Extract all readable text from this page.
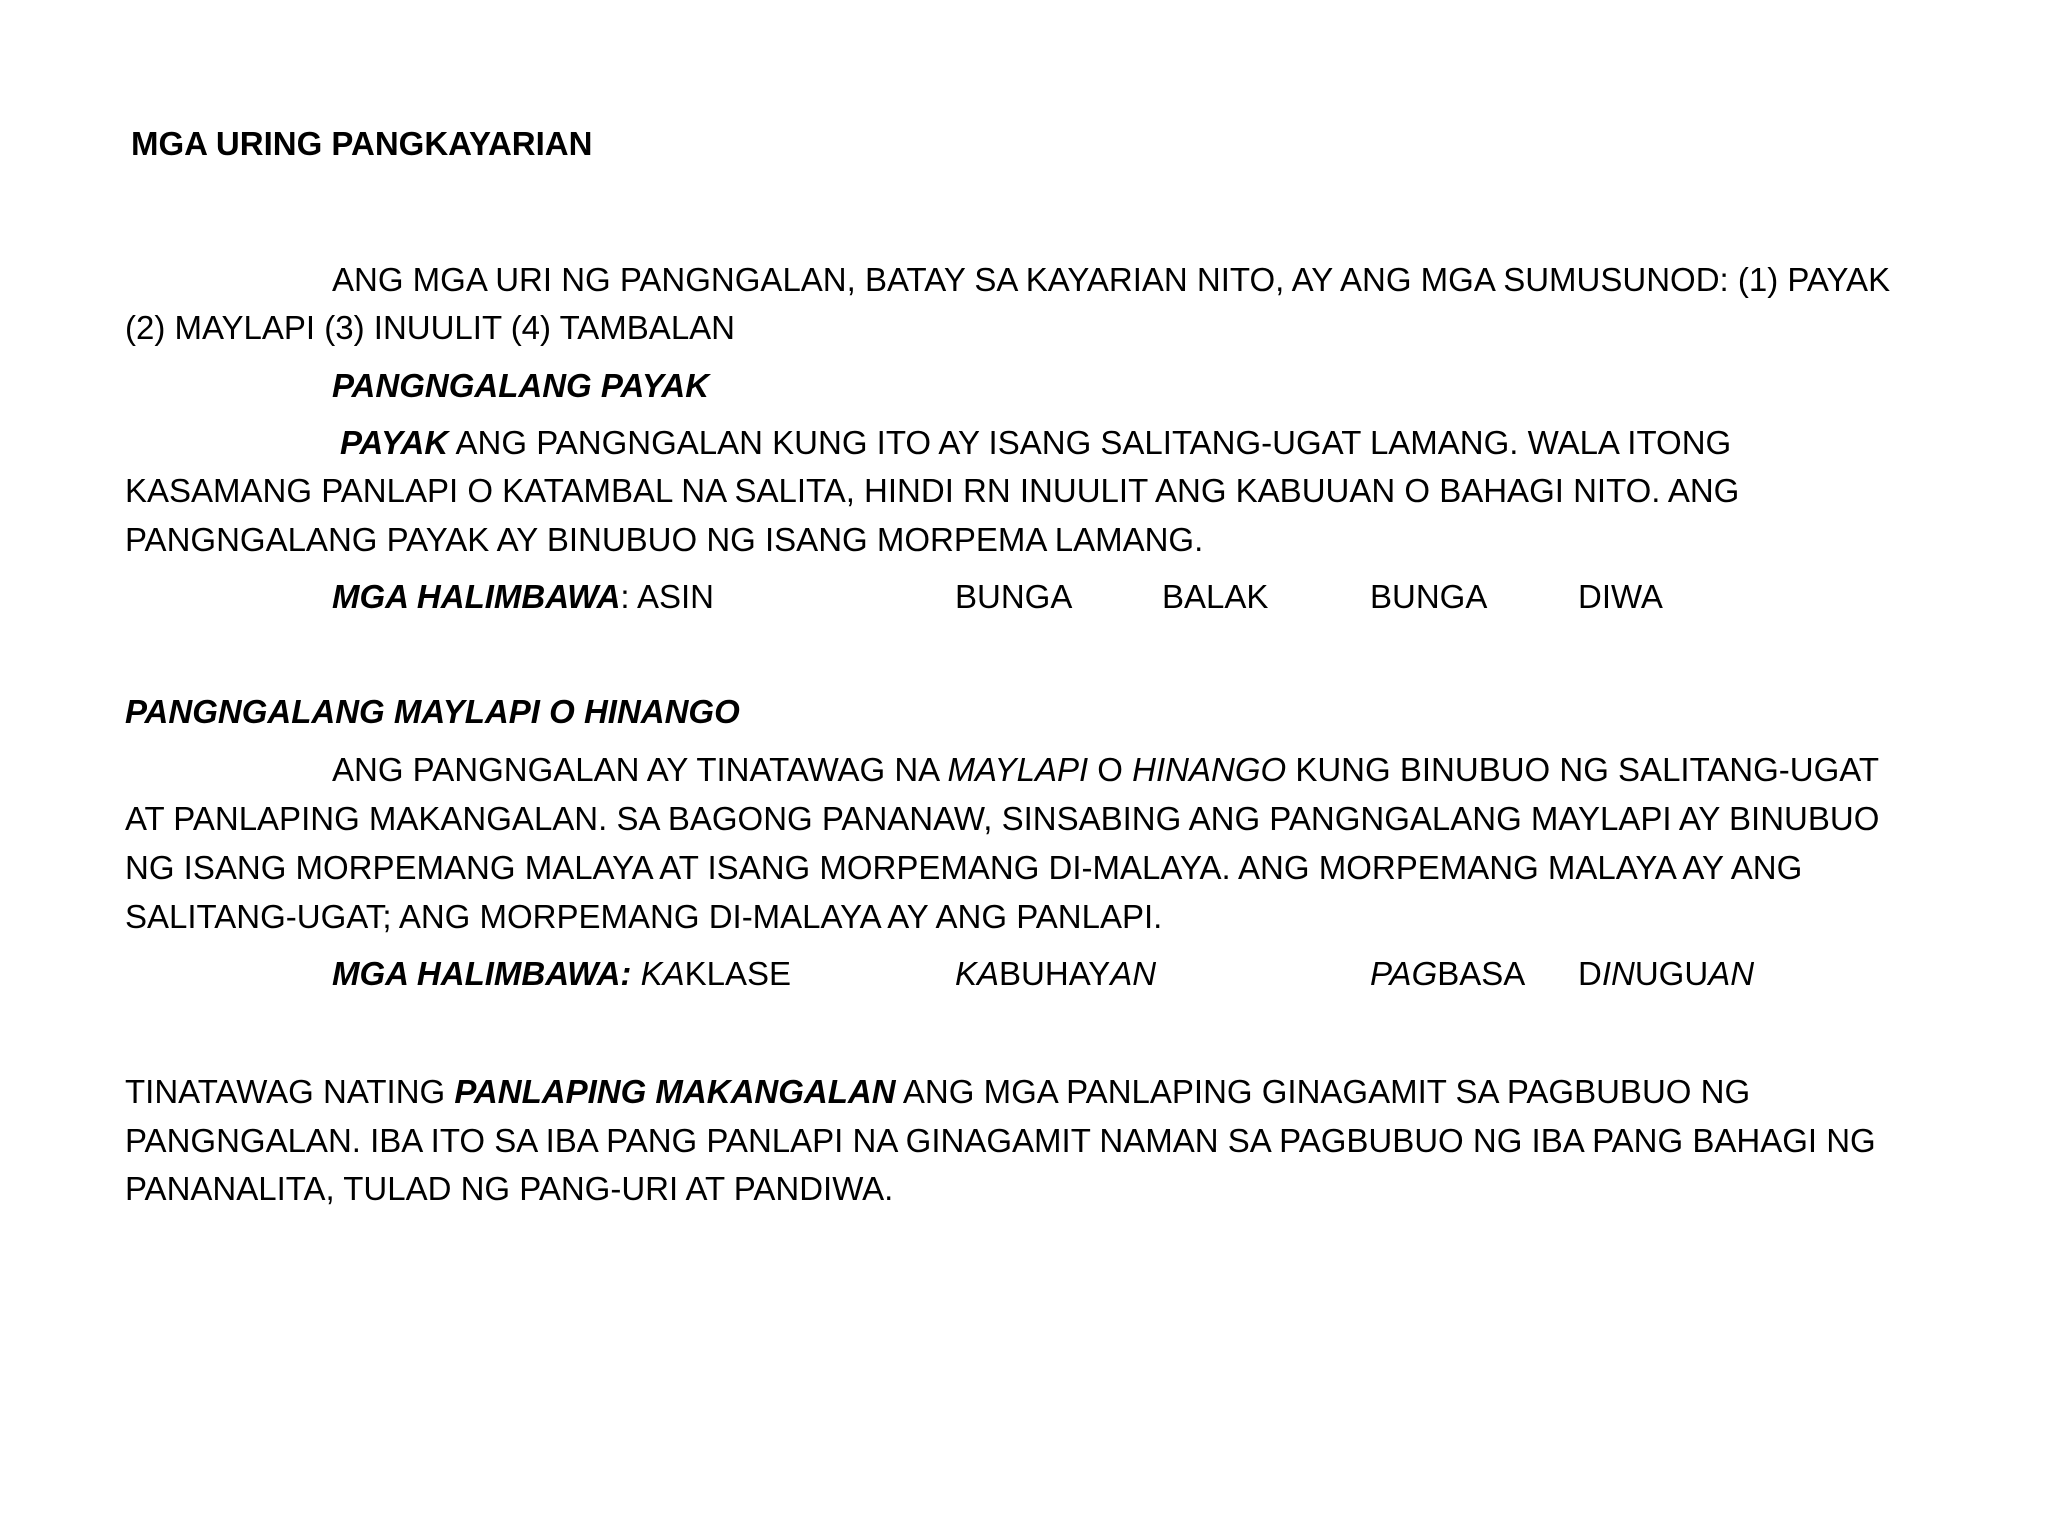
MGA URING PANGKAYARIAN
ANG MGA URI NG PANGNGALAN, BATAY SA KAYARIAN NITO, AY ANG MGA SUMUSUNOD: (1) PAYAK
(2) MAYLAPI (3) INUULIT (4) TAMBALAN
PANGNGALANG PAYAK
PAYAK ANG PANGNGALAN KUNG ITO AY ISANG SALITANG-UGAT LAMANG. WALA ITONG
KASAMANG PANLAPI O KATAMBAL NA SALITA, HINDI RN INUULIT ANG KABUUAN O BAHAGI NITO. ANG
PANGNGALANG PAYAK AY BINUBUO NG ISANG MORPEMA LAMANG.
MGA HALIMBAWA: ASIN	BUNGA	BALAK	BUNGA	DIWA
PANGNGALANG MAYLAPI O HINANGO
ANG PANGNGALAN AY TINATAWAG NA MAYLAPI O HINANGO KUNG BINUBUO NG SALITANG-UGAT
AT PANLAPING MAKANGALAN. SA BAGONG PANANAW, SINSABING ANG PANGNGALANG MAYLAPI AY BINUBUO
NG ISANG MORPEMANG MALAYA AT ISANG MORPEMANG DI-MALAYA. ANG MORPEMANG MALAYA AY ANG
SALITANG-UGAT; ANG MORPEMANG DI-MALAYA AY ANG PANLAPI.
MGA HALIMBAWA: KAKLASE	KABUHAYAN	PAGBASA DINUGUAN
TINATAWAG NATING PANLAPING MAKANGALAN ANG MGA PANLAPING GINAGAMIT SA PAGBUBUO NG
PANGNGALAN. IBA ITO SA IBA PANG PANLAPI NA GINAGAMIT NAMAN SA PAGBUBUO NG IBA PANG BAHAGI NG
PANANALITA, TULAD NG PANG-URI AT PANDIWA.
